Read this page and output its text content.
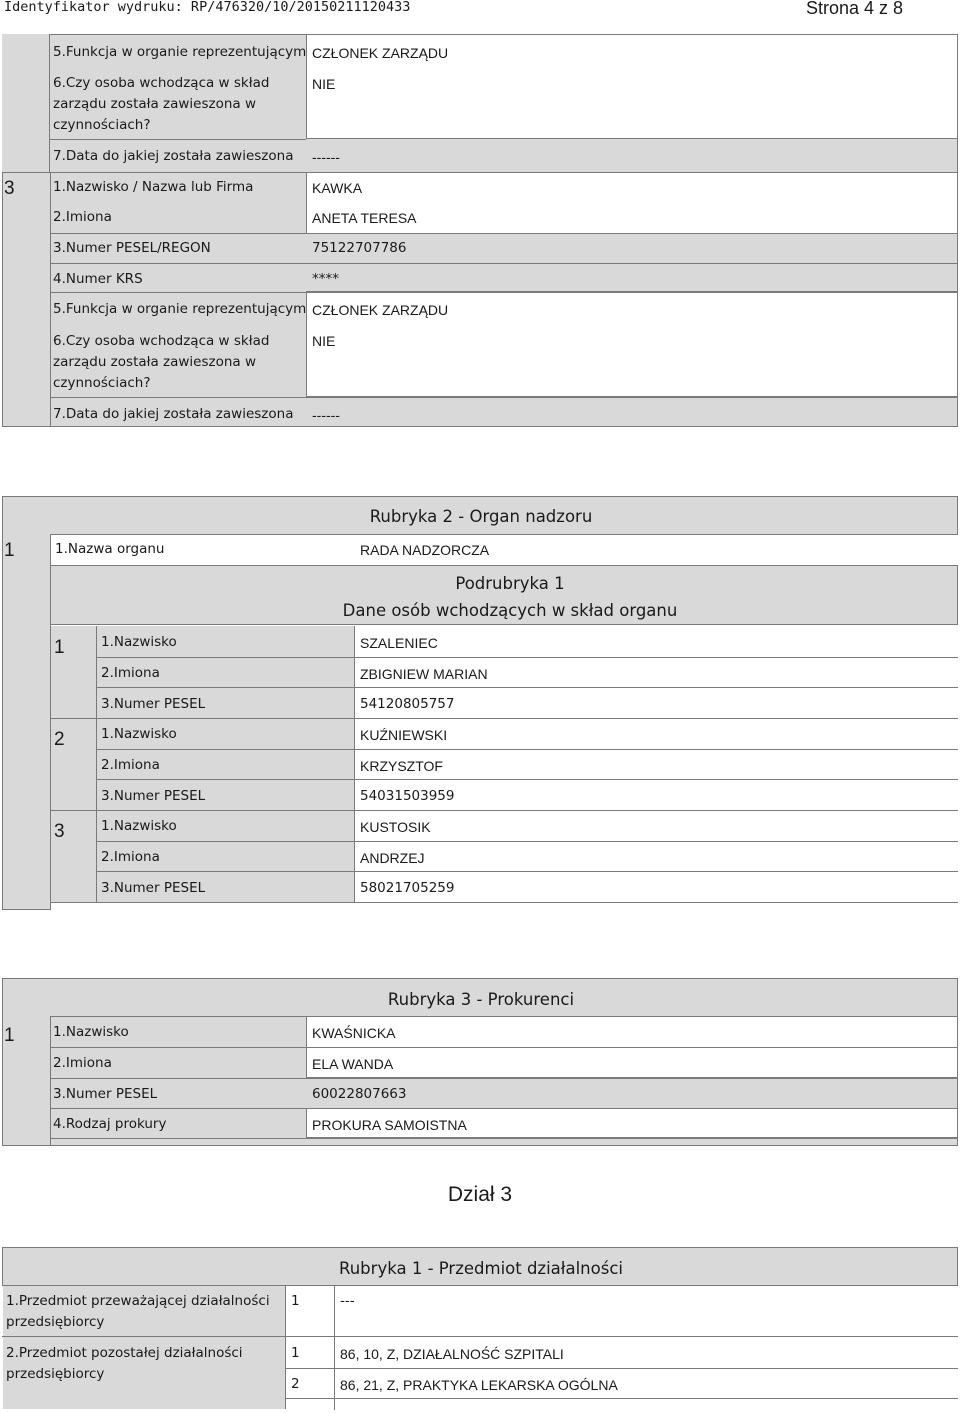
Identyfikator wydruku: RP/476320/10/20150211120433	Strona 4 z 8
5.Funkcja w organie reprezentującym CZŁONEK ZARZĄDU
6.Czy osoba wchodząca w skład zarządu została zawieszona w czynnościach?
NIE
7.Data do jakiej została zawieszona ------
3	1.Nazwisko / Nazwa lub Firma	KAWKA
2.Imiona	ANETA TERESA
3.Numer PESEL/REGON	75122707786
4.Numer KRS	****
5.Funkcja w organie reprezentującym CZŁONEK ZARZĄDU
6.Czy osoba wchodząca w skład zarządu została zawieszona w czynnościach?
NIE
7.Data do jakiej została zawieszona ------
Rubryka 2 - Organ nadzoru
1	1.Nazwa organu	RADA NADZORCZA
Podrubryka 1
Dane osób wchodzących w skład organu
1	1.Nazwisko	SZALENIEC
2.Imiona	ZBIGNIEW MARIAN
3.Numer PESEL	54120805757
2	1.Nazwisko	KUŹNIEWSKI
2.Imiona	KRZYSZTOF
3.Numer PESEL	54031503959
3	1.Nazwisko	KUSTOSIK
2.Imiona	ANDRZEJ
3.Numer PESEL	58021705259
Rubryka 3 - Prokurenci
1	1.Nazwisko	KWAŚNICKA
2.Imiona	ELA WANDA
3.Numer PESEL	60022807663
4.Rodzaj prokury	PROKURA SAMOISTNA
Dział 3
Rubryka 1 - Przedmiot działalności
1.Przedmiot przeważającej działalności przedsiębiorcy
1	---
2.Przedmiot pozostałej działalności przedsiębiorcy
1	86, 10, Z, DZIAŁALNOŚĆ SZPITALI
2	86, 21, Z, PRAKTYKA LEKARSKA OGÓLNA
